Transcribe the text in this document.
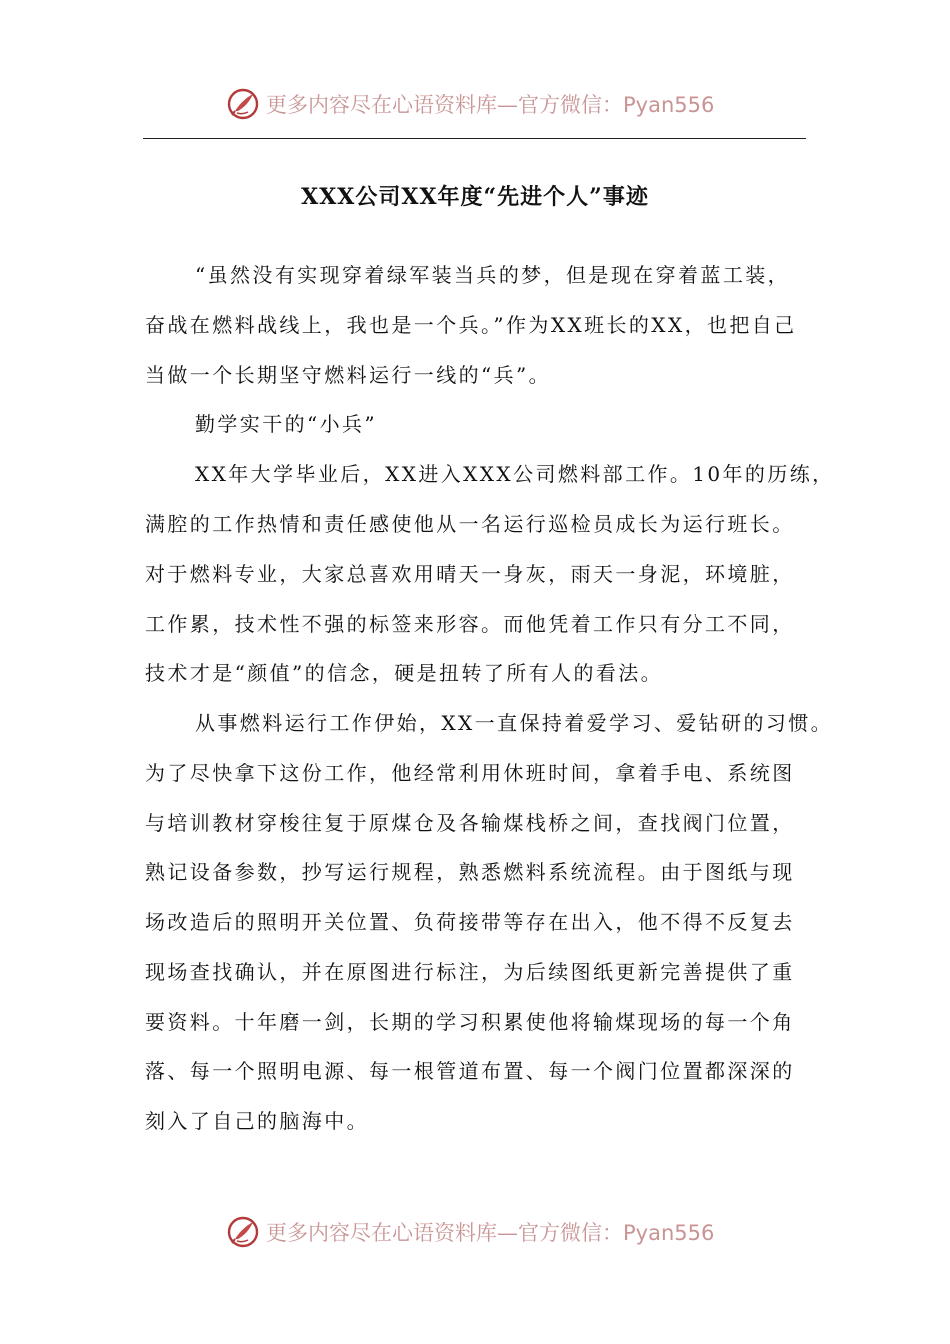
更多内容尽在心语资料库—官方微信：Pyan556
XXX公司XX年度“先进个人”事迹
“虽然没有实现穿着绿军装当兵的梦，但是现在穿着蓝工装，
奋战在燃料战线上，我也是一个兵。”作为XX班长的XX，也把自己
当做一个长期坚守燃料运行一线的“兵”。
勤学实干的“小兵”
XX年大学毕业后，XX进入XXX公司燃料部工作。10年的历练，
满腔的工作热情和责任感使他从一名运行巡检员成长为运行班长。
对于燃料专业，大家总喜欢用晴天一身灰，雨天一身泥，环境脏，
工作累，技术性不强的标签来形容。而他凭着工作只有分工不同，
技术才是“颜值”的信念，硬是扭转了所有人的看法。
从事燃料运行工作伊始，XX一直保持着爱学习、爱钻研的习惯。
为了尽快拿下这份工作，他经常利用休班时间，拿着手电、系统图
与培训教材穿梭往复于原煤仓及各输煤栈桥之间，查找阀门位置，
熟记设备参数，抄写运行规程，熟悉燃料系统流程。由于图纸与现
场改造后的照明开关位置、负荷接带等存在出入，他不得不反复去
现场查找确认，并在原图进行标注，为后续图纸更新完善提供了重
要资料。十年磨一剑，长期的学习积累使他将输煤现场的每一个角
落、每一个照明电源、每一根管道布置、每一个阀门位置都深深的
刻入了自己的脑海中。
更多内容尽在心语资料库—官方微信：Pyan556
